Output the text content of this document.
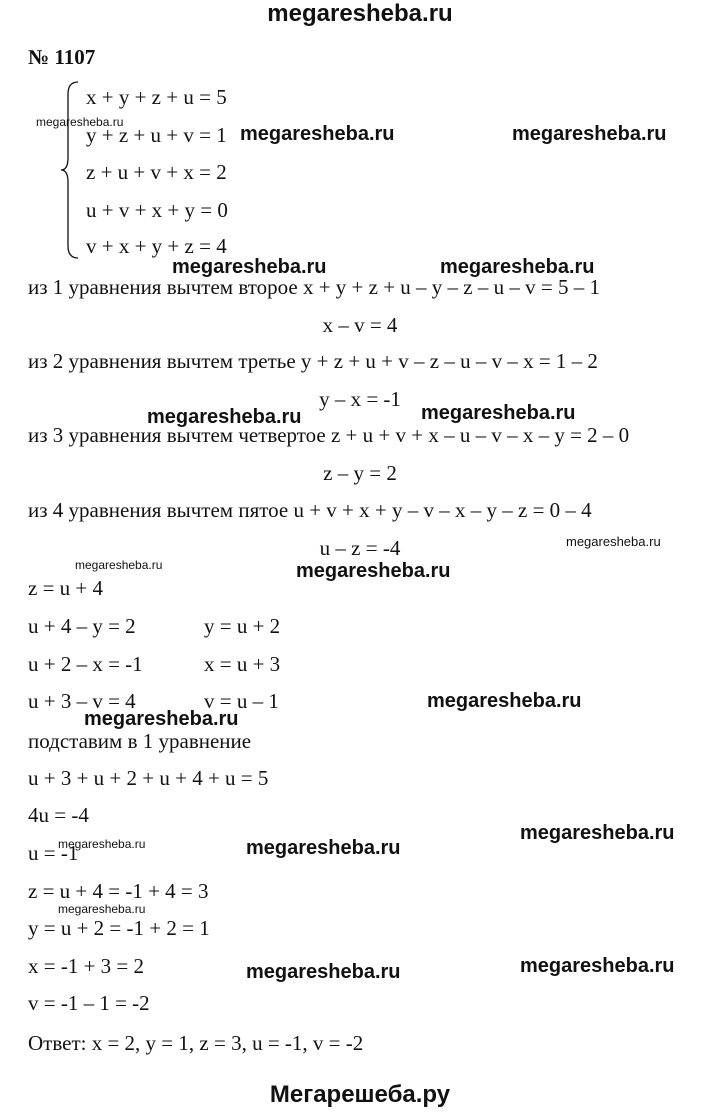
megaresheba.ru
Мегарешеба.ру
№ 1107
x + y + z + u = 5
y + z + u + v = 1
z + u + v + x = 2
u + v + x + y = 0
v + x + y + z = 4
из 1 уравнения вычтем второе x + y + z + u – y – z – u – v = 5 – 1
x – v = 4
из 2 уравнения вычтем третье y + z + u + v – z – u – v – x = 1 – 2
y – x = -1
из 3 уравнения вычтем четвертое z + u + v + x – u – v – x – y = 2 – 0
z – y = 2
из 4 уравнения вычтем пятое u + v + x + y – v – x – y – z = 0 – 4
u – z = -4
z = u + 4
u + 4 – y = 2	y = u + 2
u + 2 – x = -1	x = u + 3
u + 3 – v = 4	v = u – 1
подставим в 1 уравнение
u + 3 + u + 2 + u + 4 + u = 5
4u = -4
u = -1
z = u + 4 = -1 + 4 = 3
y = u + 2 = -1 + 2 = 1
x = -1 + 3 = 2
v = -1 – 1 = -2
Ответ: x = 2, y = 1, z = 3, u = -1, v = -2
megaresheba.ru
megaresheba.ru	megaresheba.ru
megaresheba.ru	megaresheba.ru
megaresheba.ru	megaresheba.ru
megaresheba.ru
megaresheba.ru	megaresheba.ru
megaresheba.ru
megaresheba.ru
megaresheba.ru
megaresheba.ru	megaresheba.ru
megaresheba.ru
megaresheba.ru
megaresheba.ru
